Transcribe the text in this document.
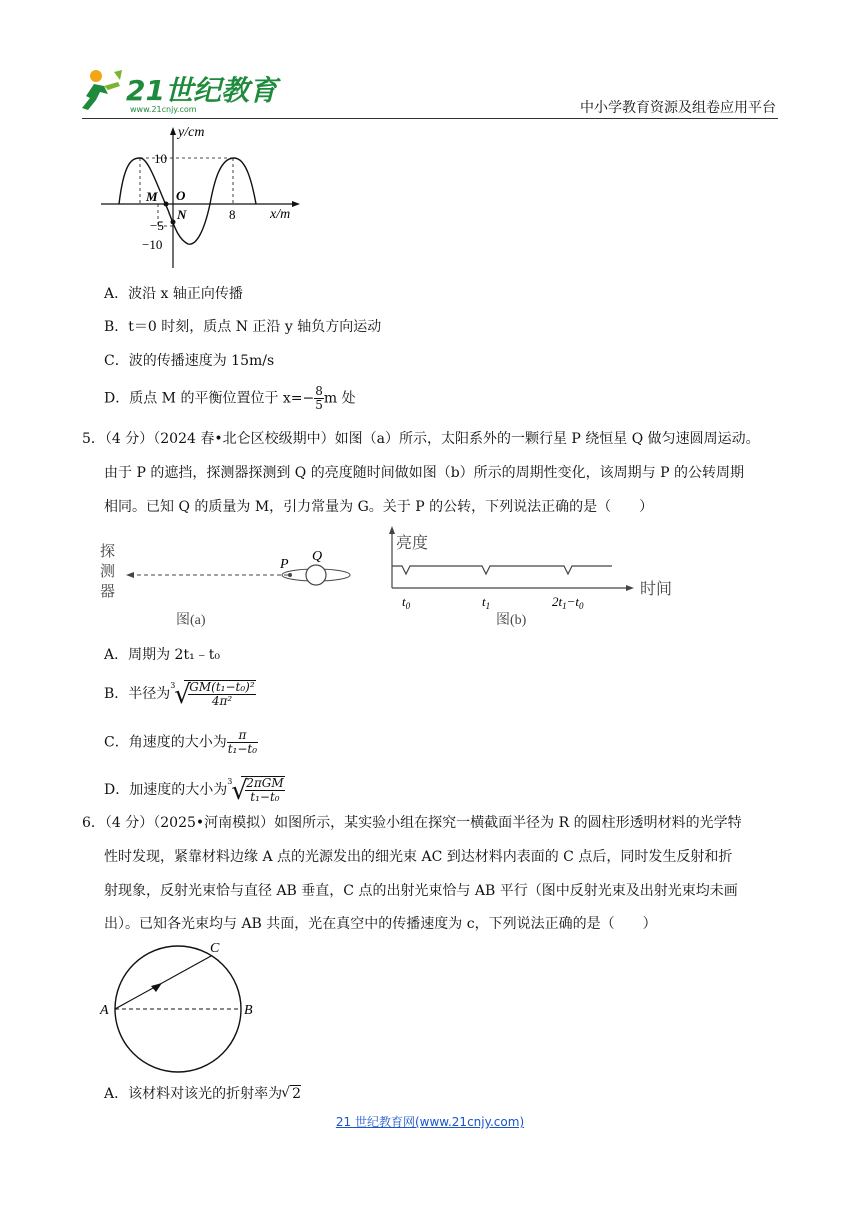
21世纪教育
www.21cnjy.com	中小学教育资源及组卷应用平台
y/cm
x/m
10
M O
N
−5
−10
8
A．波沿 x 轴正向传播
B．t＝0 时刻，质点 N 正沿 y 轴负方向运动
C．波的传播速度为 15m/s
D．质点 M 的平衡位置位于 $x=- \frac{8}{5}$ m 处
5．（4 分）（2024 春•北仑区校级期中）如图（a）所示，太阳系外的一颗行星 P 绕恒星 Q 做匀速圆周运动。
由于 P 的遮挡，探测器探测到 Q 的亮度随时间做如图（b）所示的周期性变化，该周期与 P 的公转周期
相同。已知 Q 的质量为 M，引力常量为 G。关于 P 的公转，下列说法正确的是（　　）
探
测
器
P
Q
图(a)
亮度
时间
$t_0$	$t_1$	$2t_1-t_0$
图(b)
A．周期为 2t₁﹣t₀
B．半径为
3
√
$\frac{\text{GM(t₁−t₀)²}}{\text{4π²}}$
C．角速度的大小为 $\frac{\pi}{\text{t₁−t₀}}$
D．加速度的大小为
3
√
$\frac{\text{2πGM}}{\text{t₁−t₀}}$
6．（4 分）（2025•河南模拟）如图所示，某实验小组在探究一横截面半径为 R 的圆柱形透明材料的光学特
性时发现，紧靠材料边缘 A 点的光源发出的细光束 AC 到达材料内表面的 C 点后，同时发生反射和折
射现象，反射光束恰与直径 AB 垂直，C 点的出射光束恰与 AB 平行（图中反射光束及出射光束均未画
出）。已知各光束均与 AB 共面，光在真空中的传播速度为 c，下列说法正确的是（　　）
A	B
C
A．该材料对该光的折射率为 √ 2
21 世纪教育网(www.21cnjy.com)
